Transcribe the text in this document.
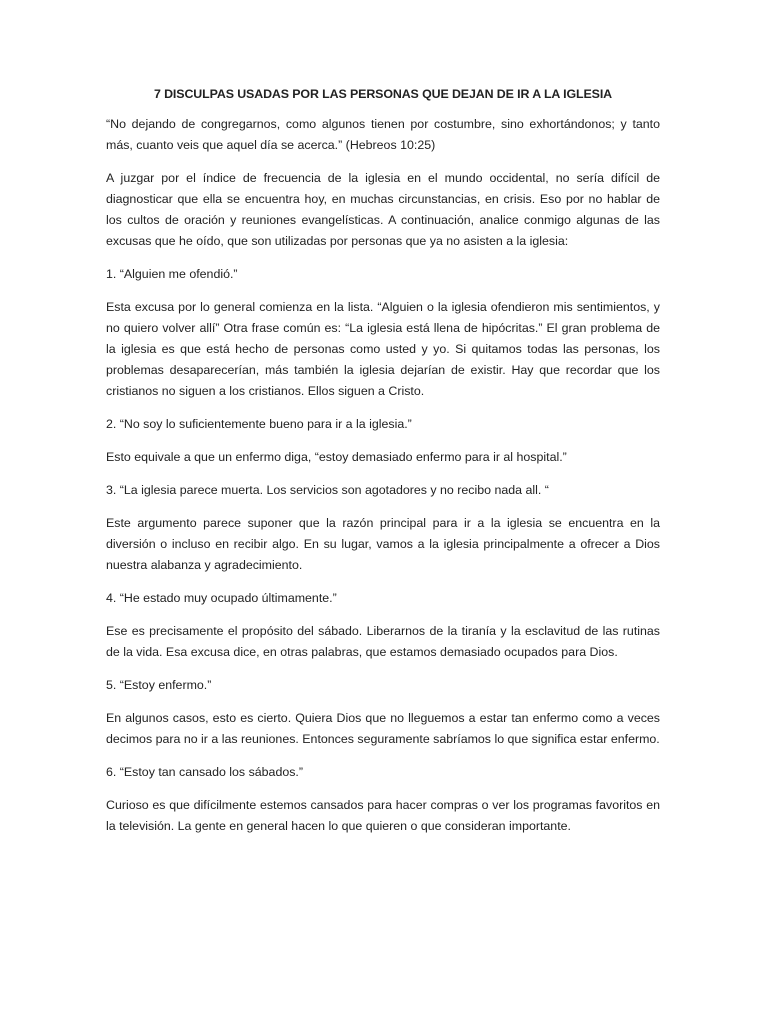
7 DISCULPAS USADAS POR LAS PERSONAS QUE DEJAN DE IR A LA IGLESIA

“No dejando de congregarnos, como algunos tienen por costumbre, sino exhortándonos; y tanto más, cuanto veis que aquel día se acerca.” (Hebreos 10:25)

A juzgar por el índice de frecuencia de la iglesia en el mundo occidental, no sería difícil de diagnosticar que ella se encuentra hoy, en muchas circunstancias, en crisis. Eso por no hablar de los cultos de oración y reuniones evangelísticas. A continuación, analice conmigo algunas de las excusas que he oído, que son utilizadas por personas que ya no asisten a la iglesia:

1. “Alguien me ofendió.”

Esta excusa por lo general comienza en la lista. “Alguien o la iglesia ofendieron mis sentimientos, y no quiero volver allí” Otra frase común es: “La iglesia está llena de hipócritas.” El gran problema de la iglesia es que está hecho de personas como usted y yo. Si quitamos todas las personas, los problemas desaparecerían, más también la iglesia dejarían de existir. Hay que recordar que los cristianos no siguen a los cristianos. Ellos siguen a Cristo.

2. “No soy lo suficientemente bueno para ir a la iglesia.”

Esto equivale a que un enfermo diga, “estoy demasiado enfermo para ir al hospital.”

3. “La iglesia parece muerta. Los servicios son agotadores y no recibo nada all. “

Este argumento parece suponer que la razón principal para ir a la iglesia se encuentra en la diversión o incluso en recibir algo. En su lugar, vamos a la iglesia principalmente a ofrecer a Dios nuestra alabanza y agradecimiento.

4. “He estado muy ocupado últimamente.”

Ese es precisamente el propósito del sábado. Liberarnos de la tiranía y la esclavitud de las rutinas de la vida. Esa excusa dice, en otras palabras, que estamos demasiado ocupados para Dios.

5. “Estoy enfermo.”

En algunos casos, esto es cierto. Quiera Dios que no lleguemos a estar tan enfermo como a veces decimos para no ir a las reuniones. Entonces seguramente sabríamos lo que significa estar enfermo.

6. “Estoy tan cansado los sábados.”

Curioso es que difícilmente estemos cansados para hacer compras o ver los programas favoritos en la televisión. La gente en general hacen lo que quieren o que consideran importante.
